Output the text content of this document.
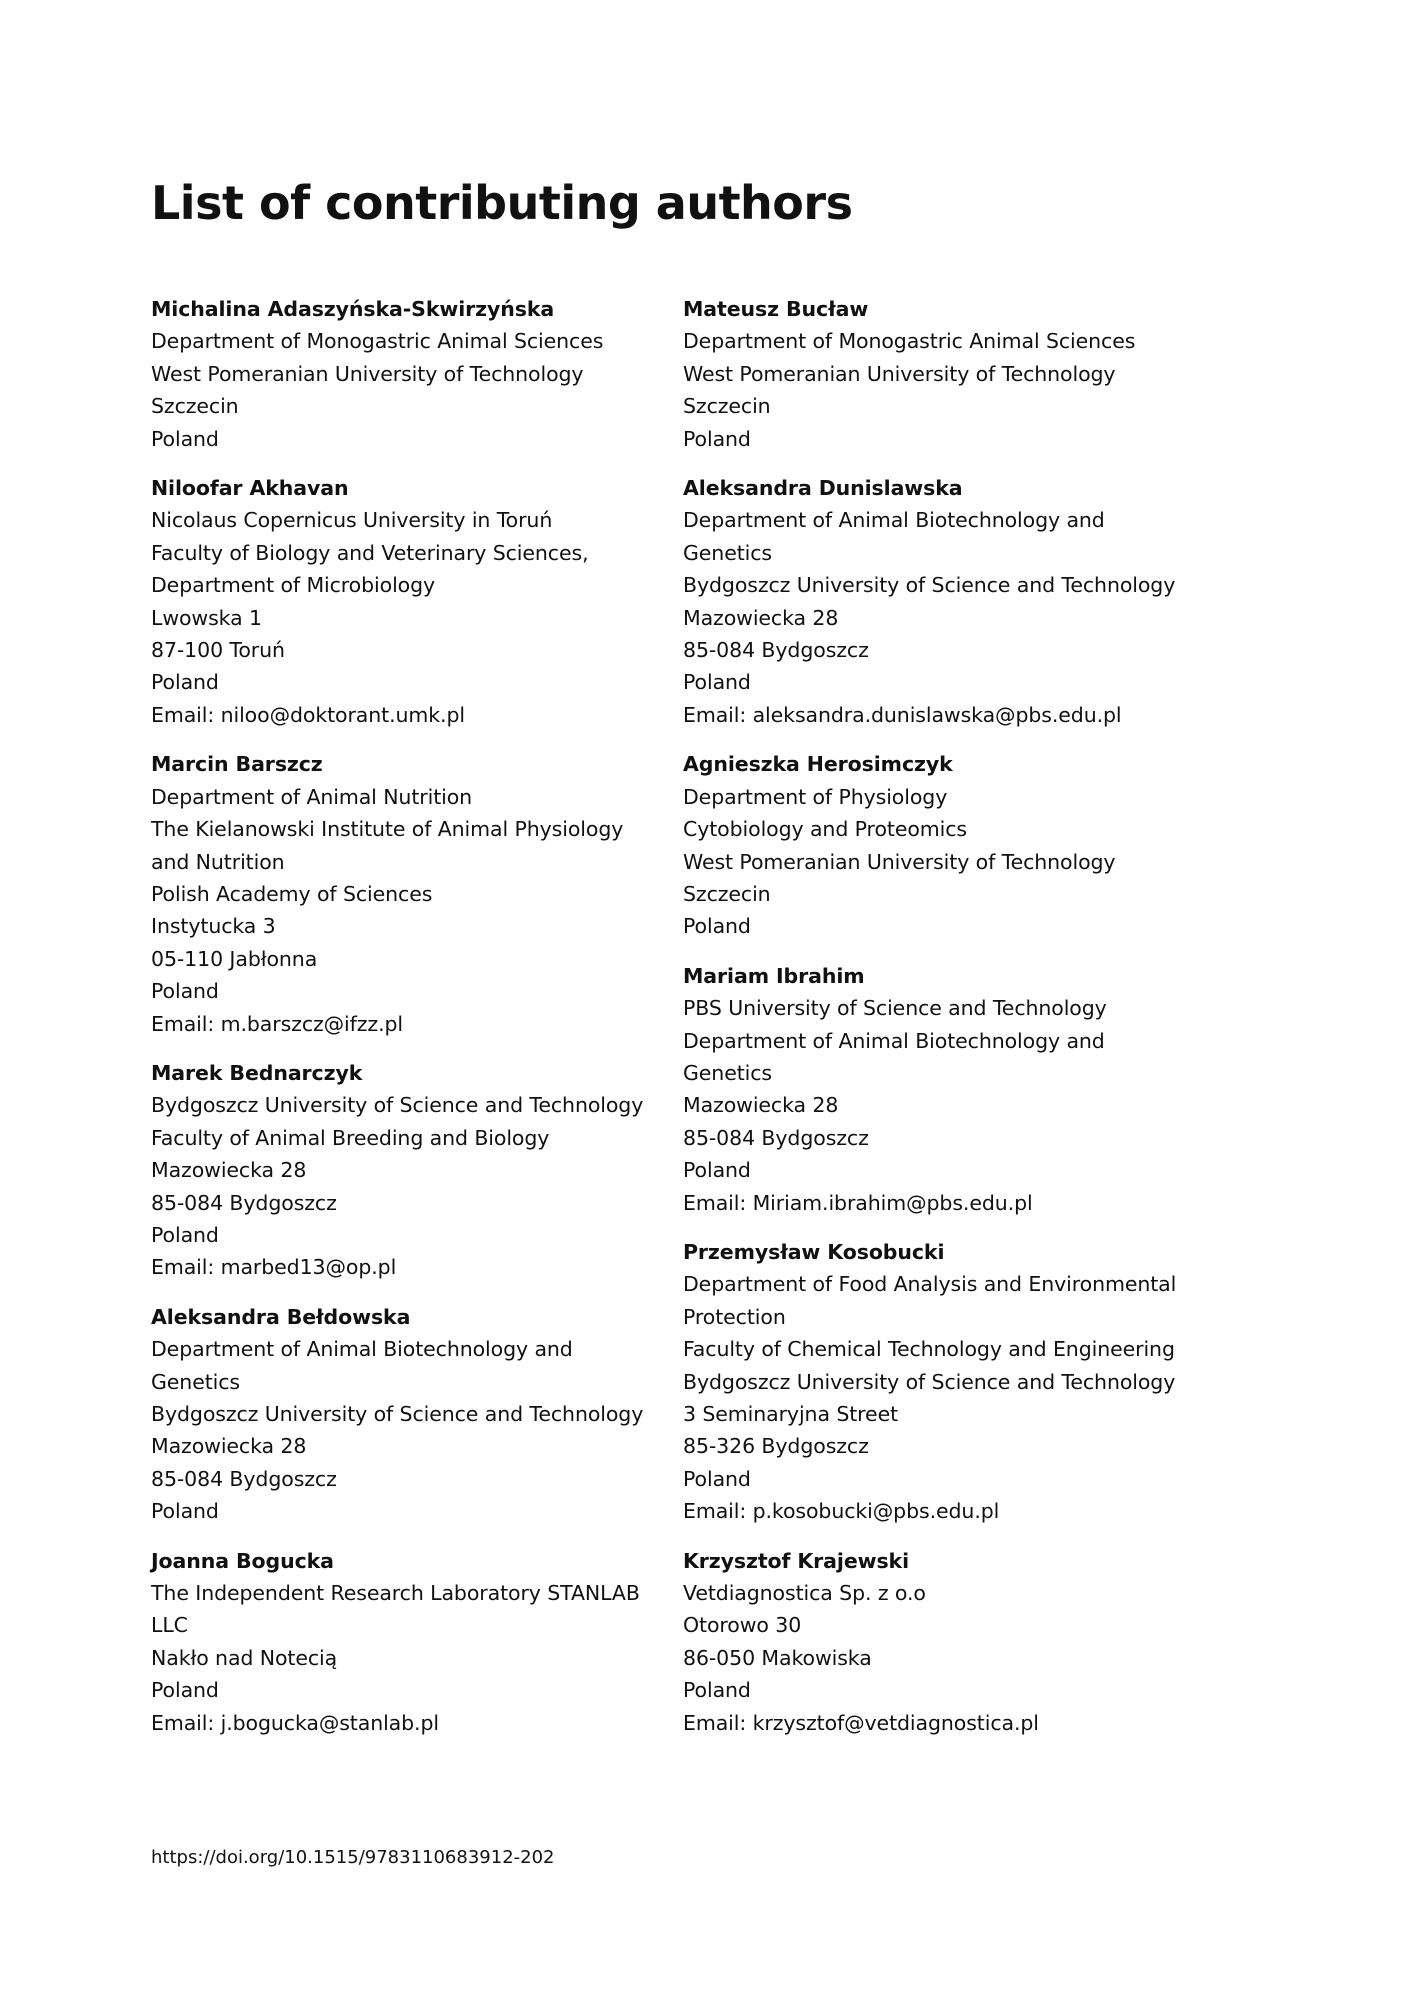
List of contributing authors
Michalina Adaszyńska-Skwirzyńska
Department of Monogastric Animal Sciences
West Pomeranian University of Technology
Szczecin
Poland
Niloofar Akhavan
Nicolaus Copernicus University in Toruń
Faculty of Biology and Veterinary Sciences,
Department of Microbiology
Lwowska 1
87-100 Toruń
Poland
Email: niloo@doktorant.umk.pl
Marcin Barszcz
Department of Animal Nutrition
The Kielanowski Institute of Animal Physiology
and Nutrition
Polish Academy of Sciences
Instytucka 3
05-110 Jabłonna
Poland
Email: m.barszcz@ifzz.pl
Marek Bednarczyk
Bydgoszcz University of Science and Technology
Faculty of Animal Breeding and Biology
Mazowiecka 28
85-084 Bydgoszcz
Poland
Email: marbed13@op.pl
Aleksandra Bełdowska
Department of Animal Biotechnology and
Genetics
Bydgoszcz University of Science and Technology
Mazowiecka 28
85-084 Bydgoszcz
Poland
Joanna Bogucka
The Independent Research Laboratory STANLAB
LLC
Nakło nad Notecią
Poland
Email: j.bogucka@stanlab.pl
Mateusz Bucław
Department of Monogastric Animal Sciences
West Pomeranian University of Technology
Szczecin
Poland
Aleksandra Dunislawska
Department of Animal Biotechnology and
Genetics
Bydgoszcz University of Science and Technology
Mazowiecka 28
85-084 Bydgoszcz
Poland
Email: aleksandra.dunislawska@pbs.edu.pl
Agnieszka Herosimczyk
Department of Physiology
Cytobiology and Proteomics
West Pomeranian University of Technology
Szczecin
Poland
Mariam Ibrahim
PBS University of Science and Technology
Department of Animal Biotechnology and
Genetics
Mazowiecka 28
85-084 Bydgoszcz
Poland
Email: Miriam.ibrahim@pbs.edu.pl
Przemysław Kosobucki
Department of Food Analysis and Environmental
Protection
Faculty of Chemical Technology and Engineering
Bydgoszcz University of Science and Technology
3 Seminaryjna Street
85-326 Bydgoszcz
Poland
Email: p.kosobucki@pbs.edu.pl
Krzysztof Krajewski
Vetdiagnostica Sp. z o.o
Otorowo 30
86-050 Makowiska
Poland
Email: krzysztof@vetdiagnostica.pl
https://doi.org/10.1515/9783110683912-202
